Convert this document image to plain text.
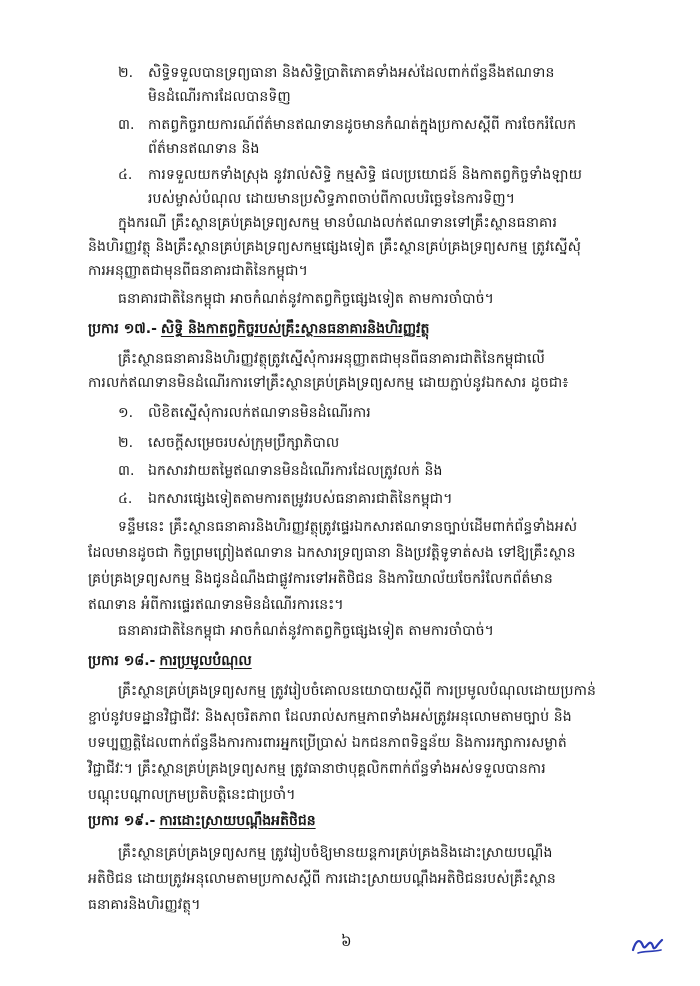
២. សិទ្ធិទទួលបានទ្រព្យធានា និងសិទ្ធិប្រាតិភោគទាំងអស់ដែលពាក់ព័ន្ធនឹងឥណទាន
មិនដំណើរការដែលបានទិញ
៣. កាតព្វកិច្ចរាយការណ៍ព័ត៌មានឥណទានដូចមានកំណត់ក្នុងប្រកាសស្តីពី ការចែករំលែក
ព័ត៌មានឥណទាន និង
៤. ការទទួលយកទាំងស្រុង នូវរាល់សិទ្ធិ កម្មសិទ្ធិ ផលប្រយោជន៍ និងកាតព្វកិច្ចទាំងឡាយ
របស់ម្ចាស់បំណុល ដោយមានប្រសិទ្ធភាពចាប់ពីកាលបរិច្ឆេទនៃការទិញ។
ក្នុងករណី គ្រឹះស្ថានគ្រប់គ្រងទ្រព្យសកម្ម មានបំណងលក់ឥណទានទៅគ្រឹះស្ថានធនាគារ
និងហិរញ្ញវត្ថុ និងគ្រឹះស្ថានគ្រប់គ្រងទ្រព្យសកម្មផ្សេងទៀត គ្រឹះស្ថានគ្រប់គ្រងទ្រព្យសកម្ម ត្រូវស្នើសុំ
ការអនុញ្ញាតជាមុនពីធនាគារជាតិនៃកម្ពុជា។
ធនាគារជាតិនៃកម្ពុជា អាចកំណត់នូវកាតព្វកិច្ចផ្សេងទៀត តាមការចាំបាច់។
ប្រការ ១៧.- សិទ្ធិ និងកាតព្វកិច្ចរបស់គ្រឹះស្ថានធនាគារនិងហិរញ្ញវត្ថុ
គ្រឹះស្ថានធនាគារនិងហិរញ្ញវត្ថុត្រូវស្នើសុំការអនុញ្ញាតជាមុនពីធនាគារជាតិនៃកម្ពុជាលើ
ការលក់ឥណទានមិនដំណើរការទៅគ្រឹះស្ថានគ្រប់គ្រងទ្រព្យសកម្ម ដោយភ្ជាប់នូវឯកសារ ដូចជា៖
១. លិខិតស្នើសុំការលក់ឥណទានមិនដំណើរការ
២. សេចក្តីសម្រេចរបស់ក្រុមប្រឹក្សាភិបាល
៣. ឯកសារវាយតម្លៃឥណទានមិនដំណើរការដែលត្រូវលក់ និង
៤. ឯកសារផ្សេងទៀតតាមការតម្រូវរបស់ធនាគារជាតិនៃកម្ពុជា។
ទន្ទឹមនេះ គ្រឹះស្ថានធនាគារនិងហិរញ្ញវត្ថុត្រូវផ្ទេរឯកសារឥណទានច្បាប់ដើមពាក់ព័ន្ធទាំងអស់
ដែលមានដូចជា កិច្ចព្រមព្រៀងឥណទាន ឯកសារទ្រព្យធានា និងប្រវត្តិទូទាត់សង ទៅឱ្យគ្រឹះស្ថាន
គ្រប់គ្រងទ្រព្យសកម្ម និងជូនដំណឹងជាផ្លូវការទៅអតិថិជន និងការិយាល័យចែករំលែកព័ត៌មាន
ឥណទាន អំពីការផ្ទេរឥណទានមិនដំណើរការនេះ។
ធនាគារជាតិនៃកម្ពុជា អាចកំណត់នូវកាតព្វកិច្ចផ្សេងទៀត តាមការចាំបាច់។
ប្រការ ១៨.- ការប្រមូលបំណុល
គ្រឹះស្ថានគ្រប់គ្រងទ្រព្យសកម្ម ត្រូវរៀបចំគោលនយោបាយស្តីពី ការប្រមូលបំណុលដោយប្រកាន់
ខ្ជាប់នូវបទដ្ឋានវិជ្ជាជីវៈ និងសុចរិតភាព ដែលរាល់សកម្មភាពទាំងអស់ត្រូវអនុលោមតាមច្បាប់ និង
បទប្បញ្ញត្តិដែលពាក់ព័ន្ធនឹងការការពារអ្នកប្រើប្រាស់ ឯកជនភាពទិន្នន័យ និងការរក្សាការសម្ងាត់
វិជ្ជាជីវៈ។ គ្រឹះស្ថានគ្រប់គ្រងទ្រព្យសកម្ម ត្រូវធានាថាបុគ្គលិកពាក់ព័ន្ធទាំងអស់ទទួលបានការ
បណ្តុះបណ្តាលក្រមប្រតិបត្តិនេះជាប្រចាំ។
ប្រការ ១៩.- ការដោះស្រាយបណ្តឹងអតិថិជន
គ្រឹះស្ថានគ្រប់គ្រងទ្រព្យសកម្ម ត្រូវរៀបចំឱ្យមានយន្តការគ្រប់គ្រងនិងដោះស្រាយបណ្តឹង
អតិថិជន ដោយត្រូវអនុលោមតាមប្រកាសស្តីពី ការដោះស្រាយបណ្តឹងអតិថិជនរបស់គ្រឹះស្ថាន
ធនាគារនិងហិរញ្ញវត្ថុ។
៦
